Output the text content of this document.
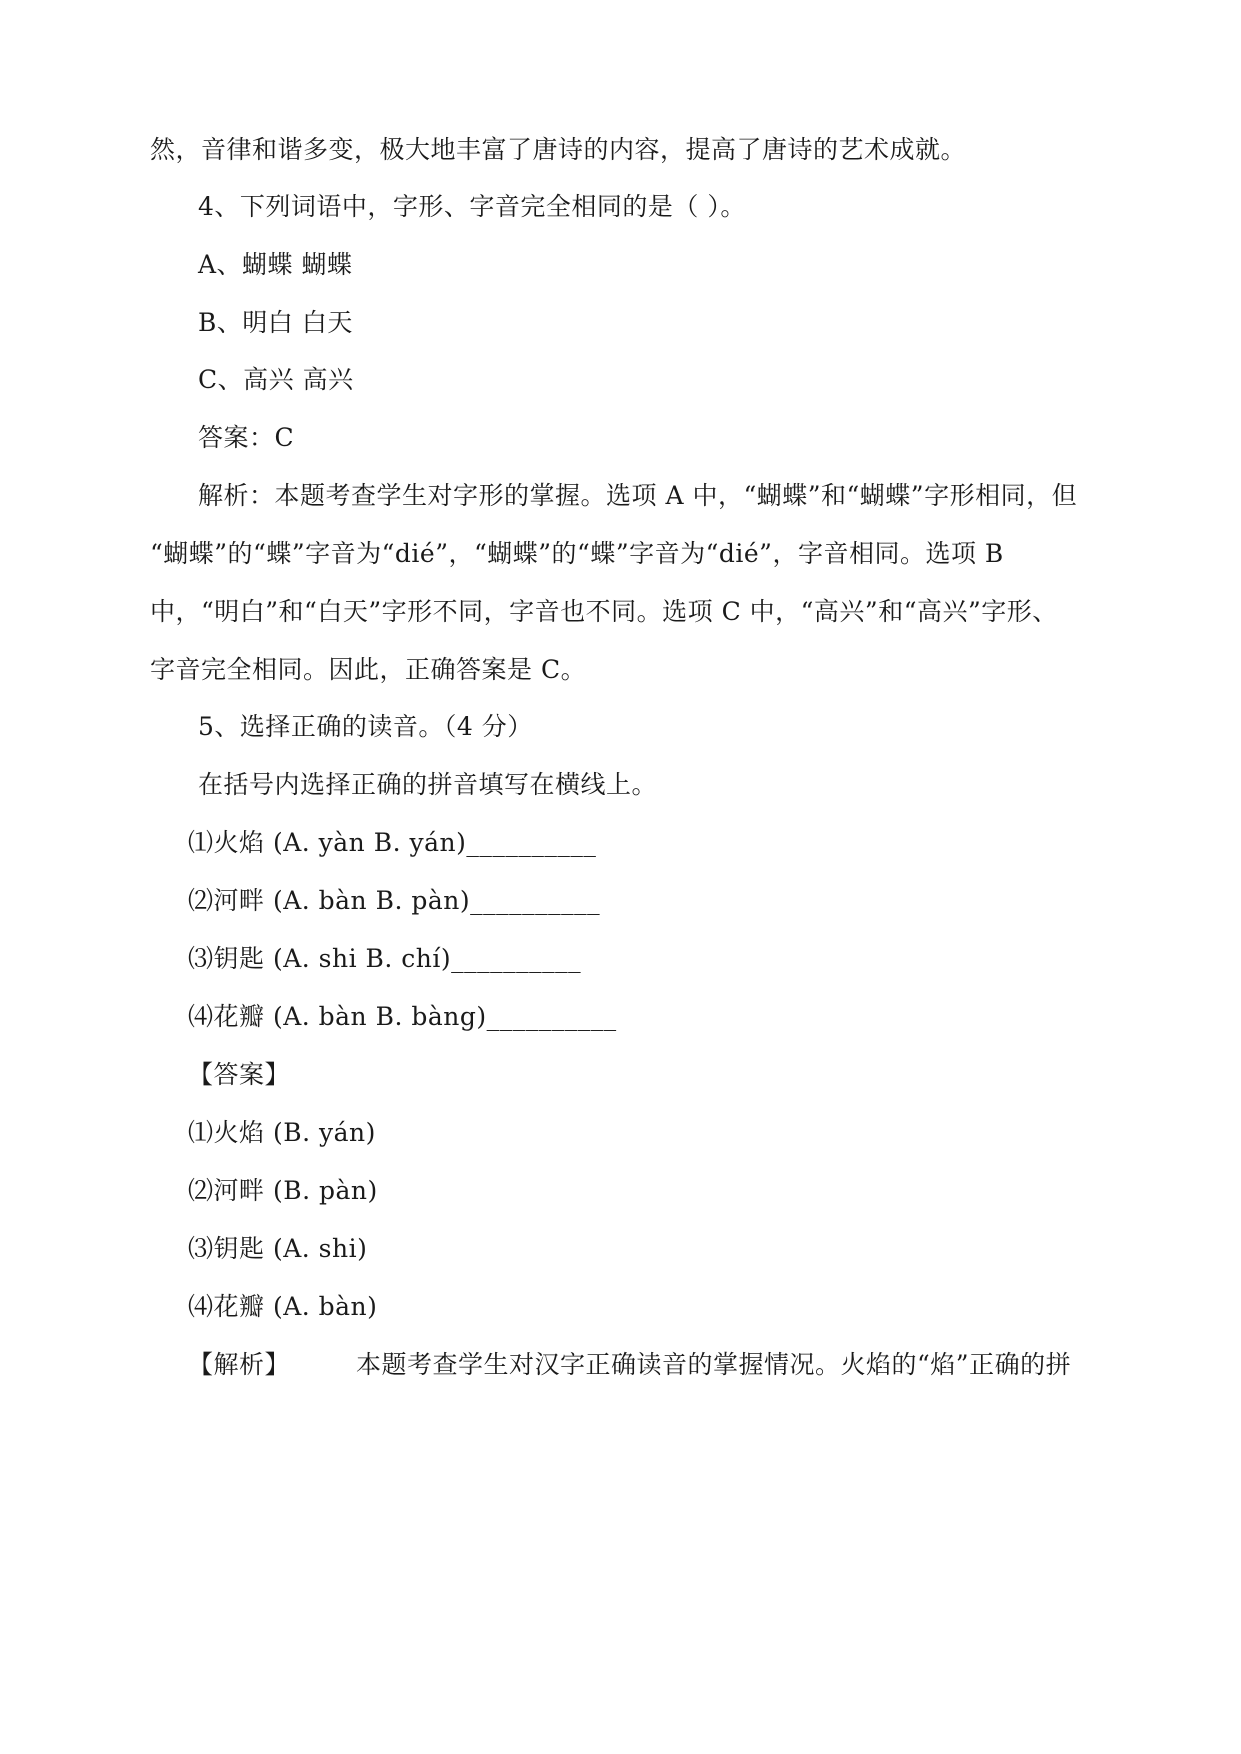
然，音律和谐多变，极大地丰富了唐诗的内容，提高了唐诗的艺术成就。
4、下列词语中，字形、字音完全相同的是（ ）。
A、蝴蝶 蝴蝶
B、明白 白天
C、高兴 高兴
答案：C
解析：本题考查学生对字形的掌握。选项 A 中，“蝴蝶”和“蝴蝶”字形相同，但
“蝴蝶”的“蝶”字音为“dié”，“蝴蝶”的“蝶”字音为“dié”，字音相同。选项 B
中，“明白”和“白天”字形不同，字音也不同。选项 C 中，“高兴”和“高兴”字形、
字音完全相同。因此，正确答案是 C。
5、选择正确的读音。（4 分）
在括号内选择正确的拼音填写在横线上。
⑴火焰 (A. yàn B. yán)__________
⑵河畔 (A. bàn B. pàn)__________
⑶钥匙 (A. shi B. chí)__________
⑷花瓣 (A. bàn B. bàng)__________
【答案】
⑴火焰 (B. yán)
⑵河畔 (B. pàn)
⑶钥匙 (A. shi)
⑷花瓣 (A. bàn)
【解析】	本题考查学生对汉字正确读音的掌握情况。火焰的“焰”正确的拼
